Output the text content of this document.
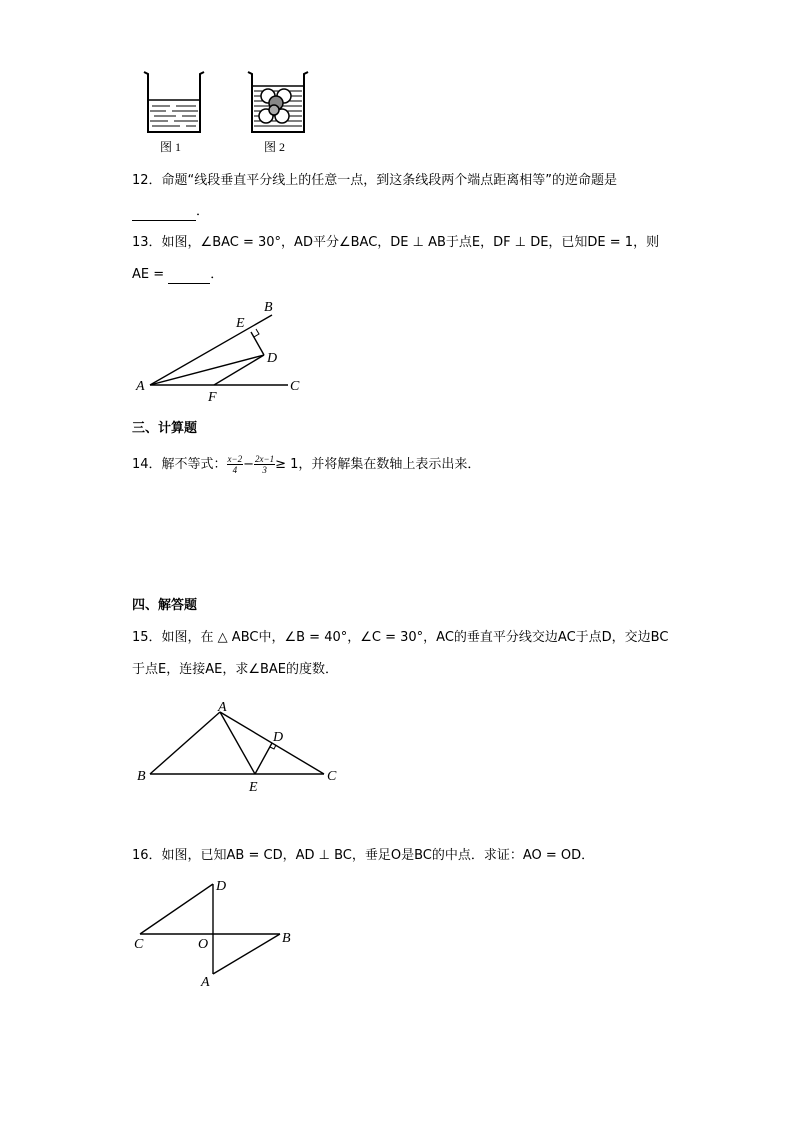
图 1	图 2
12．命题“线段垂直平分线上的任意一点，到这条线段两个端点距离相等”的逆命题是
．
13．如图，∠BAC = 30°，AD平分∠BAC，DE ⊥ AB于点E，DF ⊥ DE，已知DE = 1，则
AE =	．
A
B
C
D
E
F
三、计算题
14．解不等式： $\frac{x-2}{4} - \frac{2x-1}{3} \ge 1$，并将解集在数轴上表示出来．
四、解答题
15．如图，在 △ ABC中，∠B = 40°，∠C = 30°，AC的垂直平分线交边AC于点D，交边BC
于点E，连接AE，求∠BAE的度数．
A
B	C
D
E
16．如图，已知AB = CD，AD ⊥ BC，垂足O是BC的中点．求证：AO = OD．
D
C	O	B
A
